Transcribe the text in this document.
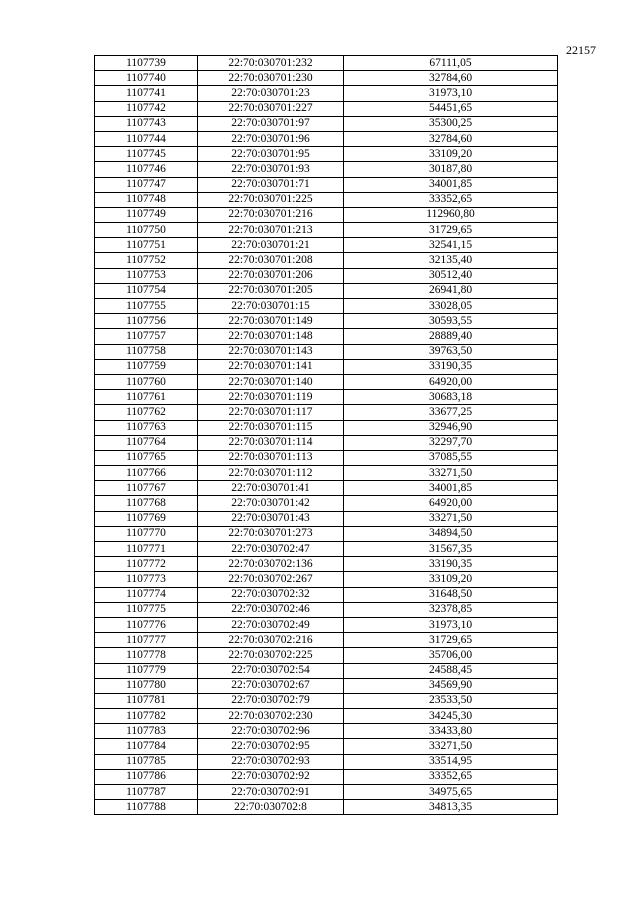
22157
1107739	22:70:030701:232	67111,05
1107740	22:70:030701:230	32784,60
1107741	22:70:030701:23	31973,10
1107742	22:70:030701:227	54451,65
1107743	22:70:030701:97	35300,25
1107744	22:70:030701:96	32784,60
1107745	22:70:030701:95	33109,20
1107746	22:70:030701:93	30187,80
1107747	22:70:030701:71	34001,85
1107748	22:70:030701:225	33352,65
1107749	22:70:030701:216	112960,80
1107750	22:70:030701:213	31729,65
1107751	22:70:030701:21	32541,15
1107752	22:70:030701:208	32135,40
1107753	22:70:030701:206	30512,40
1107754	22:70:030701:205	26941,80
1107755	22:70:030701:15	33028,05
1107756	22:70:030701:149	30593,55
1107757	22:70:030701:148	28889,40
1107758	22:70:030701:143	39763,50
1107759	22:70:030701:141	33190,35
1107760	22:70:030701:140	64920,00
1107761	22:70:030701:119	30683,18
1107762	22:70:030701:117	33677,25
1107763	22:70:030701:115	32946,90
1107764	22:70:030701:114	32297,70
1107765	22:70:030701:113	37085,55
1107766	22:70:030701:112	33271,50
1107767	22:70:030701:41	34001,85
1107768	22:70:030701:42	64920,00
1107769	22:70:030701:43	33271,50
1107770	22:70:030701:273	34894,50
1107771	22:70:030702:47	31567,35
1107772	22:70:030702:136	33190,35
1107773	22:70:030702:267	33109,20
1107774	22:70:030702:32	31648,50
1107775	22:70:030702:46	32378,85
1107776	22:70:030702:49	31973,10
1107777	22:70:030702:216	31729,65
1107778	22:70:030702:225	35706,00
1107779	22:70:030702:54	24588,45
1107780	22:70:030702:67	34569,90
1107781	22:70:030702:79	23533,50
1107782	22:70:030702:230	34245,30
1107783	22:70:030702:96	33433,80
1107784	22:70:030702:95	33271,50
1107785	22:70:030702:93	33514,95
1107786	22:70:030702:92	33352,65
1107787	22:70:030702:91	34975,65
1107788	22:70:030702:8	34813,35
